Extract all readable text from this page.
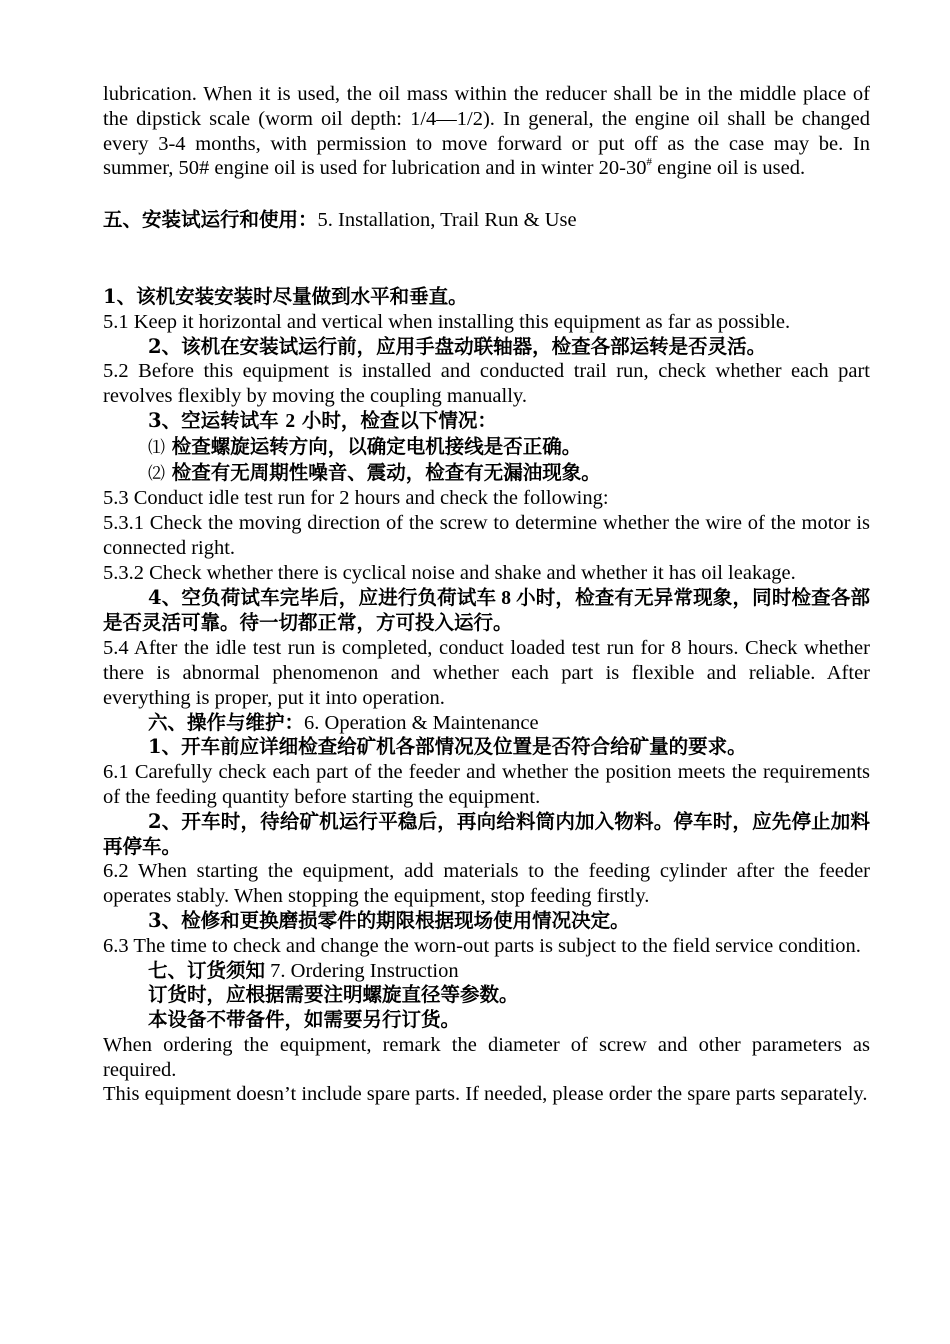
lubrication. When it is used, the oil mass within the reducer shall be in the middle place of the dipstick scale (worm oil depth: 1/4—1/2). In general, the engine oil shall be changed every 3-4 months, with permission to move forward or put off as the case may be. In summer, 50# engine oil is used for lubrication and in winter 20-30# engine oil is used.

五、安装试运行和使用：5. Installation, Trail Run & Use

1、该机安装安装时尽量做到水平和垂直。

5.1 Keep it horizontal and vertical when installing this equipment as far as possible.

2、该机在安装试运行前，应用手盘动联轴器，检查各部运转是否灵活。

5.2 Before this equipment is installed and conducted trail run, check whether each part revolves flexibly by moving the coupling manually.

3、空运转试车 2 小时，检查以下情况：

⑴ 检查螺旋运转方向，以确定电机接线是否正确。

⑵ 检查有无周期性噪音、震动，检查有无漏油现象。

5.3 Conduct idle test run for 2 hours and check the following:

5.3.1 Check the moving direction of the screw to determine whether the wire of the motor is connected right.

5.3.2 Check whether there is cyclical noise and shake and whether it has oil leakage.

4、空负荷试车完毕后，应进行负荷试车 8 小时，检查有无异常现象，同时检查各部是否灵活可靠。待一切都正常，方可投入运行。

5.4 After the idle test run is completed, conduct loaded test run for 8 hours. Check whether there is abnormal phenomenon and whether each part is flexible and reliable. After everything is proper, put it into operation.

六、操作与维护：6. Operation & Maintenance

1、开车前应详细检查给矿机各部情况及位置是否符合给矿量的要求。

6.1 Carefully check each part of the feeder and whether the position meets the requirements of the feeding quantity before starting the equipment.

2、开车时，待给矿机运行平稳后，再向给料筒内加入物料。停车时，应先停止加料再停车。

6.2 When starting the equipment, add materials to the feeding cylinder after the feeder operates stably. When stopping the equipment, stop feeding firstly.

3、检修和更换磨损零件的期限根据现场使用情况决定。

6.3 The time to check and change the worn-out parts is subject to the field service condition.

七、订货须知 7. Ordering Instruction

订货时，应根据需要注明螺旋直径等参数。

本设备不带备件，如需要另行订货。

When ordering the equipment, remark the diameter of screw and other parameters as required.

This equipment doesn’t include spare parts. If needed, please order the spare parts separately.
